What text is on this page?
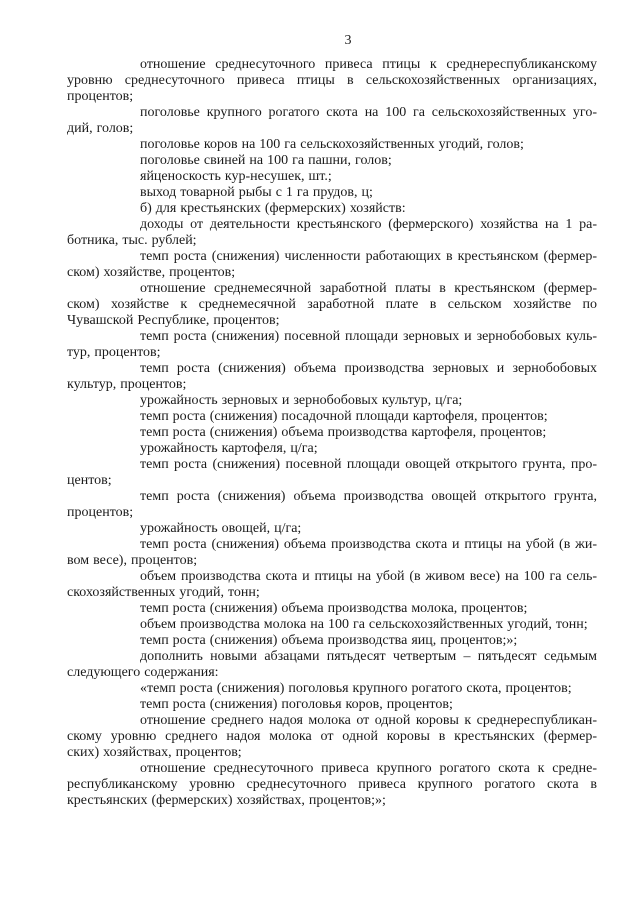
3
отношение среднесуточного привеса птицы к среднереспубликанскому
уровню среднесуточного привеса птицы в сельскохозяйственных организациях,
процентов;
поголовье крупного рогатого скота на 100 га сельскохозяйственных уго-
дий, голов;
поголовье коров на 100 га сельскохозяйственных угодий, голов;
поголовье свиней на 100 га пашни, голов;
яйценоскость кур-несушек, шт.;
выход товарной рыбы с 1 га прудов, ц;
б) для крестьянских (фермерских) хозяйств:
доходы от деятельности крестьянского (фермерского) хозяйства на 1 ра-
ботника, тыс. рублей;
темп роста (снижения) численности работающих в крестьянском (фермер-
ском) хозяйстве, процентов;
отношение среднемесячной заработной платы в крестьянском (фермер-
ском) хозяйстве к среднемесячной заработной плате в сельском хозяйстве по
Чувашской Республике, процентов;
темп роста (снижения) посевной площади зерновых и зернобобовых куль-
тур, процентов;
темп роста (снижения) объема производства зерновых и зернобобовых
культур, процентов;
урожайность зерновых и зернобобовых культур, ц/га;
темп роста (снижения) посадочной площади картофеля, процентов;
темп роста (снижения) объема производства картофеля, процентов;
урожайность картофеля, ц/га;
темп роста (снижения) посевной площади овощей открытого грунта, про-
центов;
темп роста (снижения) объема производства овощей открытого грунта,
процентов;
урожайность овощей, ц/га;
темп роста (снижения) объема производства скота и птицы на убой (в жи-
вом весе), процентов;
объем производства скота и птицы на убой (в живом весе) на 100 га сель-
скохозяйственных угодий, тонн;
темп роста (снижения) объема производства молока, процентов;
объем производства молока на 100 га сельскохозяйственных угодий, тонн;
темп роста (снижения) объема производства яиц, процентов;»;
дополнить новыми абзацами пятьдесят четвертым – пятьдесят седьмым
следующего содержания:
«темп роста (снижения) поголовья крупного рогатого скота, процентов;
темп роста (снижения) поголовья коров, процентов;
отношение среднего надоя молока от одной коровы к среднереспубликан-
скому уровню среднего надоя молока от одной коровы в крестьянских (фермер-
ских) хозяйствах, процентов;
отношение среднесуточного привеса крупного рогатого скота к средне-
республиканскому уровню среднесуточного привеса крупного рогатого скота в
крестьянских (фермерских) хозяйствах, процентов;»;
